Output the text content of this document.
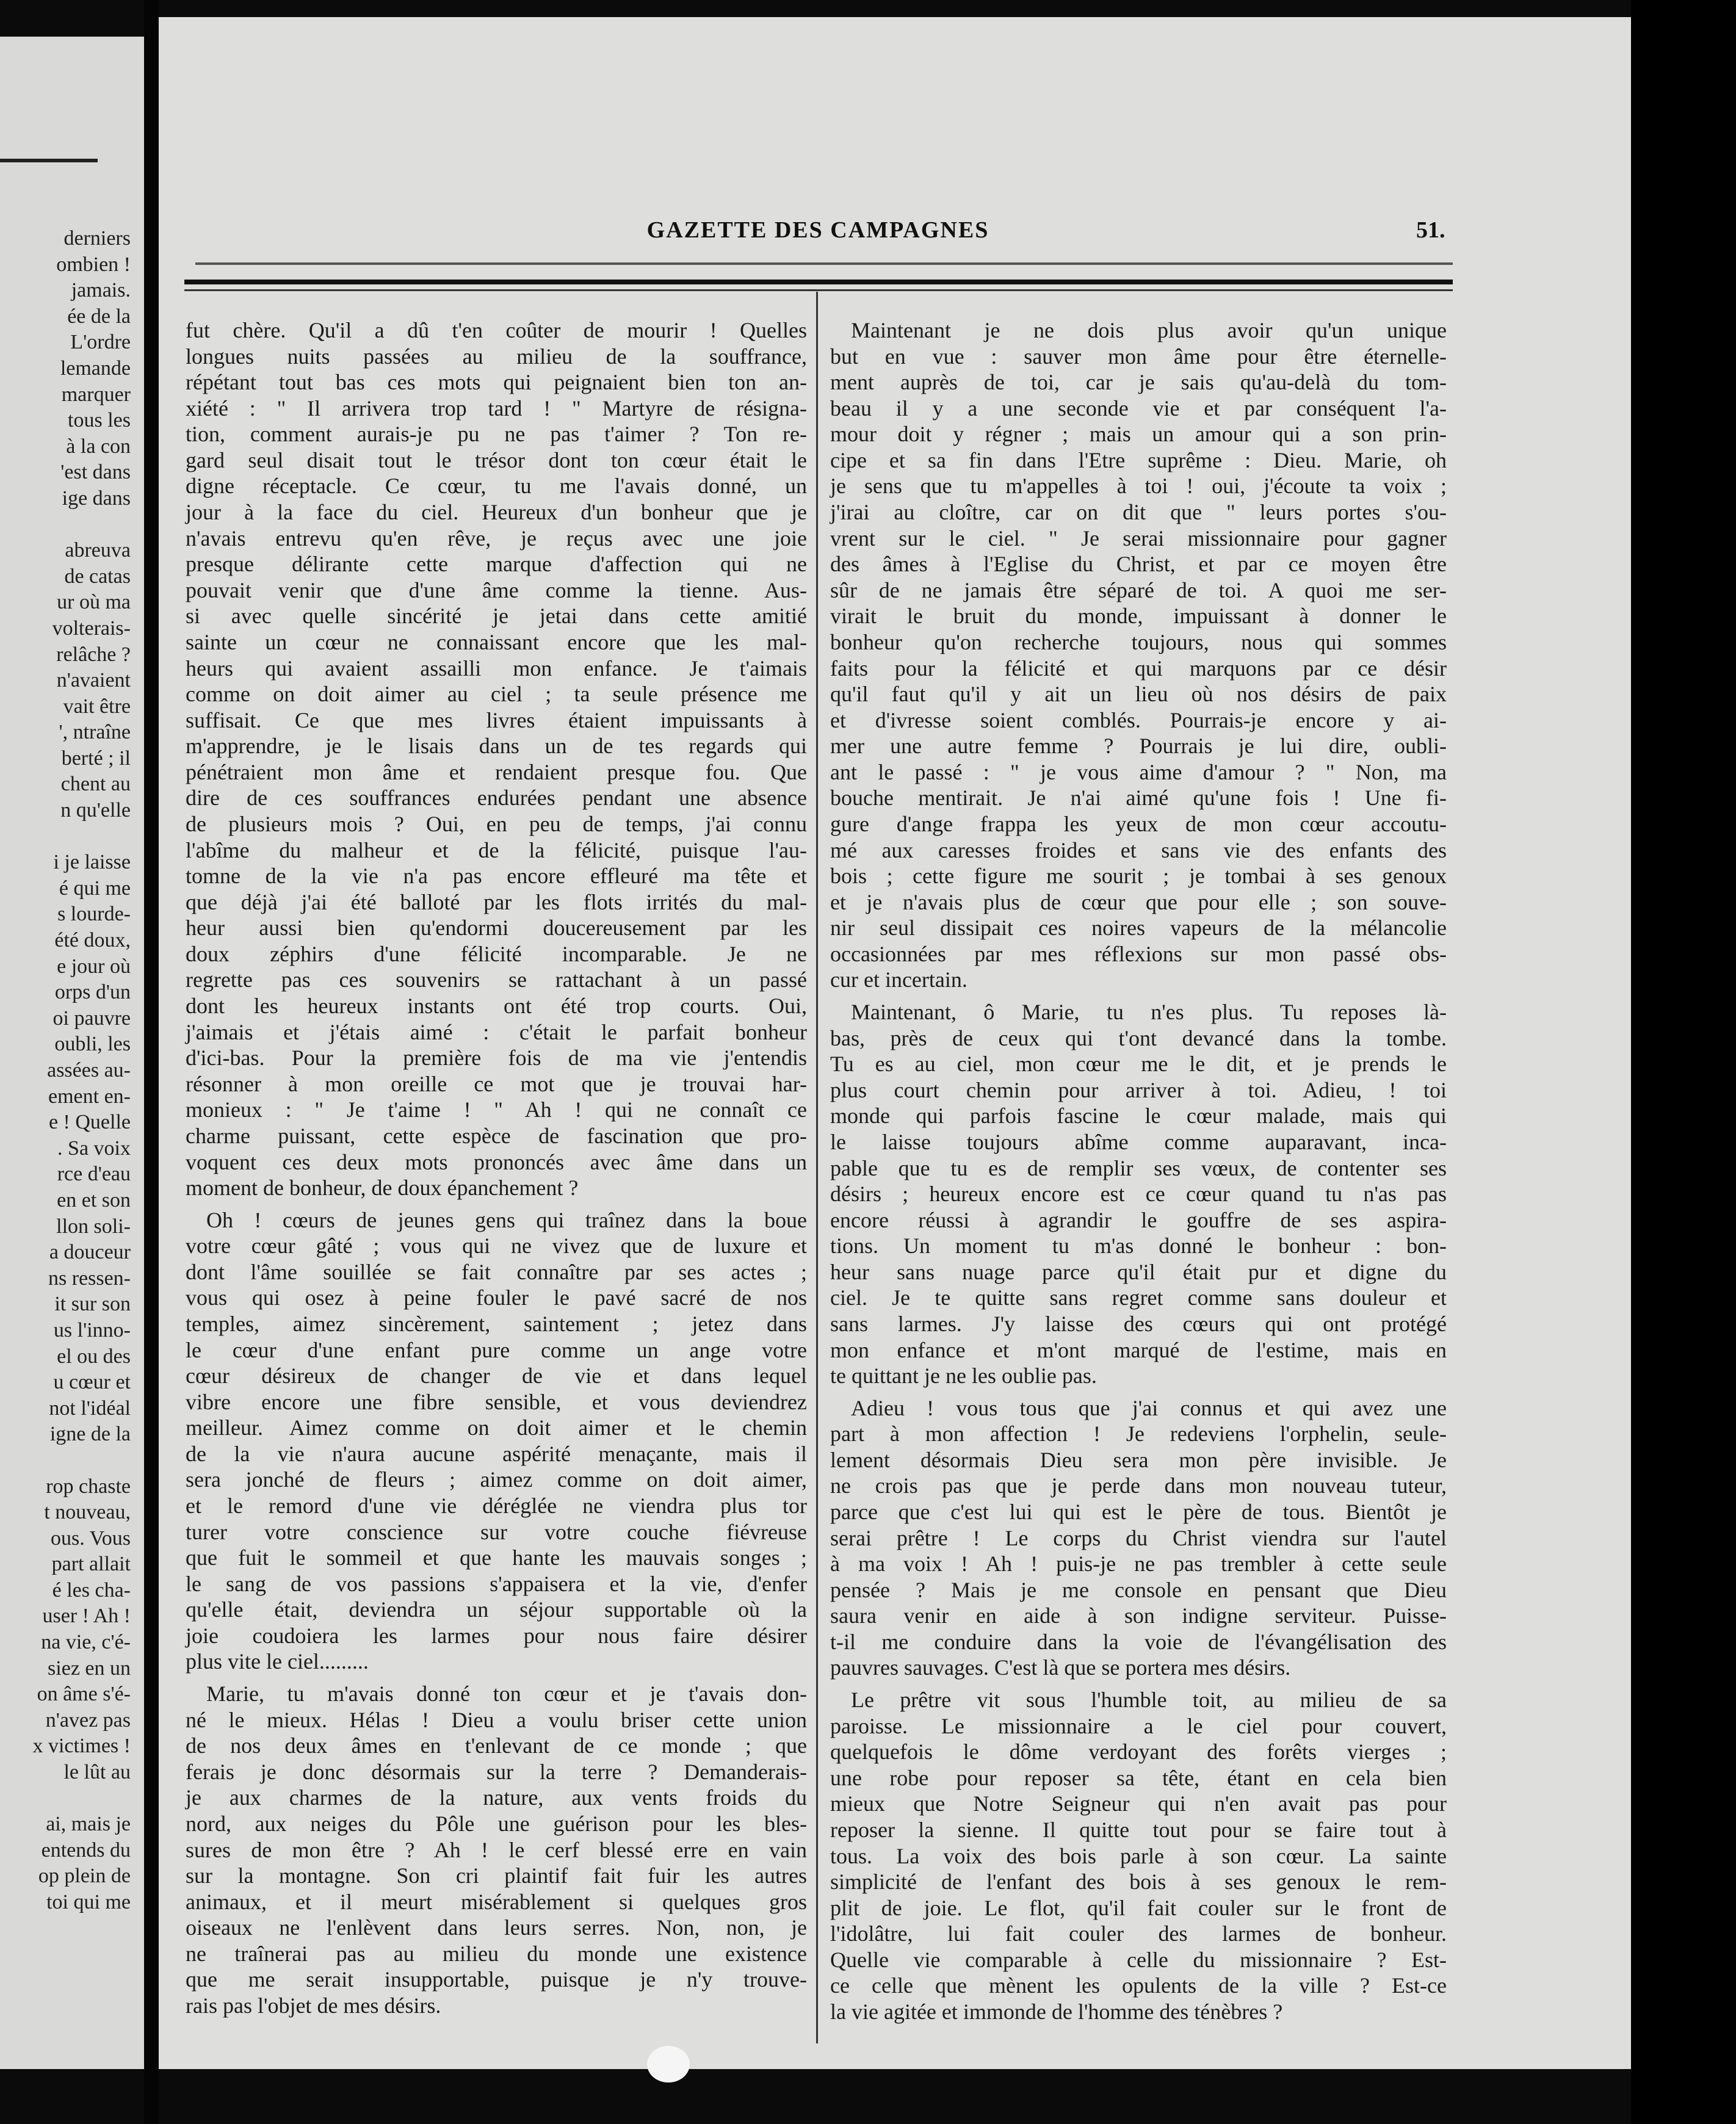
derniers
ombien !
jamais.
ée de la
L'ordre
lemande
marquer
tous les
à la con
'est dans
ige dans

abreuva
de catas
ur où ma
volterais-
relâche ?
n'avaient
vait être
', ntraîne
berté ; il
chent au
n qu'elle

i je laisse
é qui me
s lourde-
été doux,
e jour où
orps d'un
oi pauvre
oubli, les
assées au-
ement en-
e ! Quelle
. Sa voix
rce d'eau
en et son
llon soli-
a douceur
ns ressen-
it sur son
us l'inno-
el ou des
u cœur et
not l'idéal
igne de la

rop chaste
t nouveau,
ous. Vous
part allait
é les cha-
user ! Ah !
na vie, c'é-
siez en un
on âme s'é-
n'avez pas
x victimes !
le lût au

ai, mais je
entends du
op plein de
toi qui me
GAZETTE DES CAMPAGNES	51.
fut chère. Qu'il a dû t'en coûter de mourir ! Quelles
longues nuits passées au milieu de la souffrance,
répétant tout bas ces mots qui peignaient bien ton an-
xiété : " Il arrivera trop tard ! " Martyre de résigna-
tion, comment aurais-je pu ne pas t'aimer ? Ton re-
gard seul disait tout le trésor dont ton cœur était le
digne réceptacle. Ce cœur, tu me l'avais donné, un
jour à la face du ciel. Heureux d'un bonheur que je
n'avais entrevu qu'en rêve, je reçus avec une joie
presque délirante cette marque d'affection qui ne
pouvait venir que d'une âme comme la tienne. Aus-
si avec quelle sincérité je jetai dans cette amitié
sainte un cœur ne connaissant encore que les mal-
heurs qui avaient assailli mon enfance. Je t'aimais
comme on doit aimer au ciel ; ta seule présence me
suffisait. Ce que mes livres étaient impuissants à
m'apprendre, je le lisais dans un de tes regards qui
pénétraient mon âme et rendaient presque fou. Que
dire de ces souffrances endurées pendant une absence
de plusieurs mois ? Oui, en peu de temps, j'ai connu
l'abîme du malheur et de la félicité, puisque l'au-
tomne de la vie n'a pas encore effleuré ma tête et
que déjà j'ai été balloté par les flots irrités du mal-
heur aussi bien qu'endormi doucereusement par les
doux zéphirs d'une félicité incomparable. Je ne
regrette pas ces souvenirs se rattachant à un passé
dont les heureux instants ont été trop courts. Oui,
j'aimais et j'étais aimé : c'était le parfait bonheur
d'ici-bas. Pour la première fois de ma vie j'entendis
résonner à mon oreille ce mot que je trouvai har-
monieux : " Je t'aime ! " Ah ! qui ne connaît ce
charme puissant, cette espèce de fascination que pro-
voquent ces deux mots prononcés avec âme dans un
moment de bonheur, de doux épanchement ?
Oh ! cœurs de jeunes gens qui traînez dans la boue
votre cœur gâté ; vous qui ne vivez que de luxure et
dont l'âme souillée se fait connaître par ses actes ;
vous qui osez à peine fouler le pavé sacré de nos
temples, aimez sincèrement, saintement ; jetez dans
le cœur d'une enfant pure comme un ange votre
cœur désireux de changer de vie et dans lequel
vibre encore une fibre sensible, et vous deviendrez
meilleur. Aimez comme on doit aimer et le chemin
de la vie n'aura aucune aspérité menaçante, mais il
sera jonché de fleurs ; aimez comme on doit aimer,
et le remord d'une vie déréglée ne viendra plus tor
turer votre conscience sur votre couche fiévreuse
que fuit le sommeil et que hante les mauvais songes ;
le sang de vos passions s'appaisera et la vie, d'enfer
qu'elle était, deviendra un séjour supportable où la
joie coudoiera les larmes pour nous faire désirer
plus vite le ciel.........
Marie, tu m'avais donné ton cœur et je t'avais don-
né le mieux. Hélas ! Dieu a voulu briser cette union
de nos deux âmes en t'enlevant de ce monde ; que
ferais je donc désormais sur la terre ? Demanderais-
je aux charmes de la nature, aux vents froids du
nord, aux neiges du Pôle une guérison pour les bles-
sures de mon être ? Ah ! le cerf blessé erre en vain
sur la montagne. Son cri plaintif fait fuir les autres
animaux, et il meurt misérablement si quelques gros
oiseaux ne l'enlèvent dans leurs serres. Non, non, je
ne traînerai pas au milieu du monde une existence
que me serait insupportable, puisque je n'y trouve-
rais pas l'objet de mes désirs.
Maintenant je ne dois plus avoir qu'un unique
but en vue : sauver mon âme pour être éternelle-
ment auprès de toi, car je sais qu'au-delà du tom-
beau il y a une seconde vie et par conséquent l'a-
mour doit y régner ; mais un amour qui a son prin-
cipe et sa fin dans l'Etre suprême : Dieu. Marie, oh
je sens que tu m'appelles à toi ! oui, j'écoute ta voix ;
j'irai au cloître, car on dit que " leurs portes s'ou-
vrent sur le ciel. " Je serai missionnaire pour gagner
des âmes à l'Eglise du Christ, et par ce moyen être
sûr de ne jamais être séparé de toi. A quoi me ser-
virait le bruit du monde, impuissant à donner le
bonheur qu'on recherche toujours, nous qui sommes
faits pour la félicité et qui marquons par ce désir
qu'il faut qu'il y ait un lieu où nos désirs de paix
et d'ivresse soient comblés. Pourrais-je encore y ai-
mer une autre femme ? Pourrais je lui dire, oubli-
ant le passé : " je vous aime d'amour ? " Non, ma
bouche mentirait. Je n'ai aimé qu'une fois ! Une fi-
gure d'ange frappa les yeux de mon cœur accoutu-
mé aux caresses froides et sans vie des enfants des
bois ; cette figure me sourit ; je tombai à ses genoux
et je n'avais plus de cœur que pour elle ; son souve-
nir seul dissipait ces noires vapeurs de la mélancolie
occasionnées par mes réflexions sur mon passé obs-
cur et incertain.
Maintenant, ô Marie, tu n'es plus. Tu reposes là-
bas, près de ceux qui t'ont devancé dans la tombe.
Tu es au ciel, mon cœur me le dit, et je prends le
plus court chemin pour arriver à toi. Adieu, ! toi
monde qui parfois fascine le cœur malade, mais qui
le laisse toujours abîme comme auparavant, inca-
pable que tu es de remplir ses vœux, de contenter ses
désirs ; heureux encore est ce cœur quand tu n'as pas
encore réussi à agrandir le gouffre de ses aspira-
tions. Un moment tu m'as donné le bonheur : bon-
heur sans nuage parce qu'il était pur et digne du
ciel. Je te quitte sans regret comme sans douleur et
sans larmes. J'y laisse des cœurs qui ont protégé
mon enfance et m'ont marqué de l'estime, mais en
te quittant je ne les oublie pas.
Adieu ! vous tous que j'ai connus et qui avez une
part à mon affection ! Je redeviens l'orphelin, seule-
lement désormais Dieu sera mon père invisible. Je
ne crois pas que je perde dans mon nouveau tuteur,
parce que c'est lui qui est le père de tous. Bientôt je
serai prêtre ! Le corps du Christ viendra sur l'autel
à ma voix ! Ah ! puis-je ne pas trembler à cette seule
pensée ? Mais je me console en pensant que Dieu
saura venir en aide à son indigne serviteur. Puisse-
t-il me conduire dans la voie de l'évangélisation des
pauvres sauvages. C'est là que se portera mes désirs.
Le prêtre vit sous l'humble toit, au milieu de sa
paroisse. Le missionnaire a le ciel pour couvert,
quelquefois le dôme verdoyant des forêts vierges ;
une robe pour reposer sa tête, étant en cela bien
mieux que Notre Seigneur qui n'en avait pas pour
reposer la sienne. Il quitte tout pour se faire tout à
tous. La voix des bois parle à son cœur. La sainte
simplicité de l'enfant des bois à ses genoux le rem-
plit de joie. Le flot, qu'il fait couler sur le front de
l'idolâtre, lui fait couler des larmes de bonheur.
Quelle vie comparable à celle du missionnaire ? Est-
ce celle que mènent les opulents de la ville ? Est-ce
la vie agitée et immonde de l'homme des ténèbres ?
